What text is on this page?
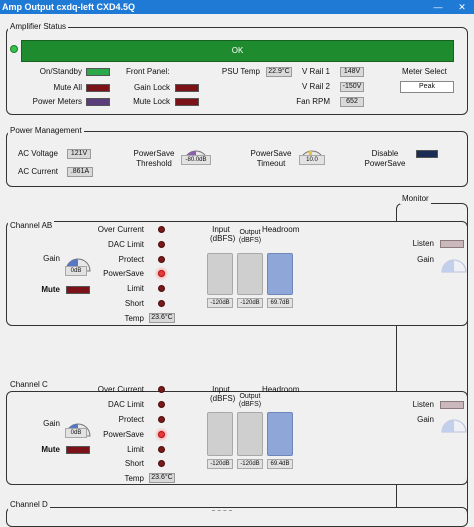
Amp Output cxdq-left CXD4.5Q	— ✕
Amplifier Status
OK
On/Standby
Mute All
Power Meters
Front Panel:
Gain Lock
Mute Lock
PSU Temp	22.9°C	V Rail 1	148V
V Rail 2	-150V
Fan RPM	652
Meter Select
Peak
Power Management
AC Voltage	121V
AC Current	.861A
PowerSave
Threshold	-80.0dB
PowerSave
Timeout	10.0
Disable
PowerSave
Monitor
Channel AB
Gain
0dB
Mute
Over Current
DAC Limit
Protect
PowerSave
Limit
Short
Temp	23.6°C
Input
(dBFS)
Output
(dBFS)
Headroom
-120dB	-120dB	69.7dB
Listen
Gain
Channel C
Gain
0dB
Mute
Over Current
DAC Limit
Protect
PowerSave
Limit
Short
Temp	23.6°C
Input
(dBFS) Output
(dBFS)
Headroom
-120dB	-120dB	69.4dB
Listen
Gain
Channel D
